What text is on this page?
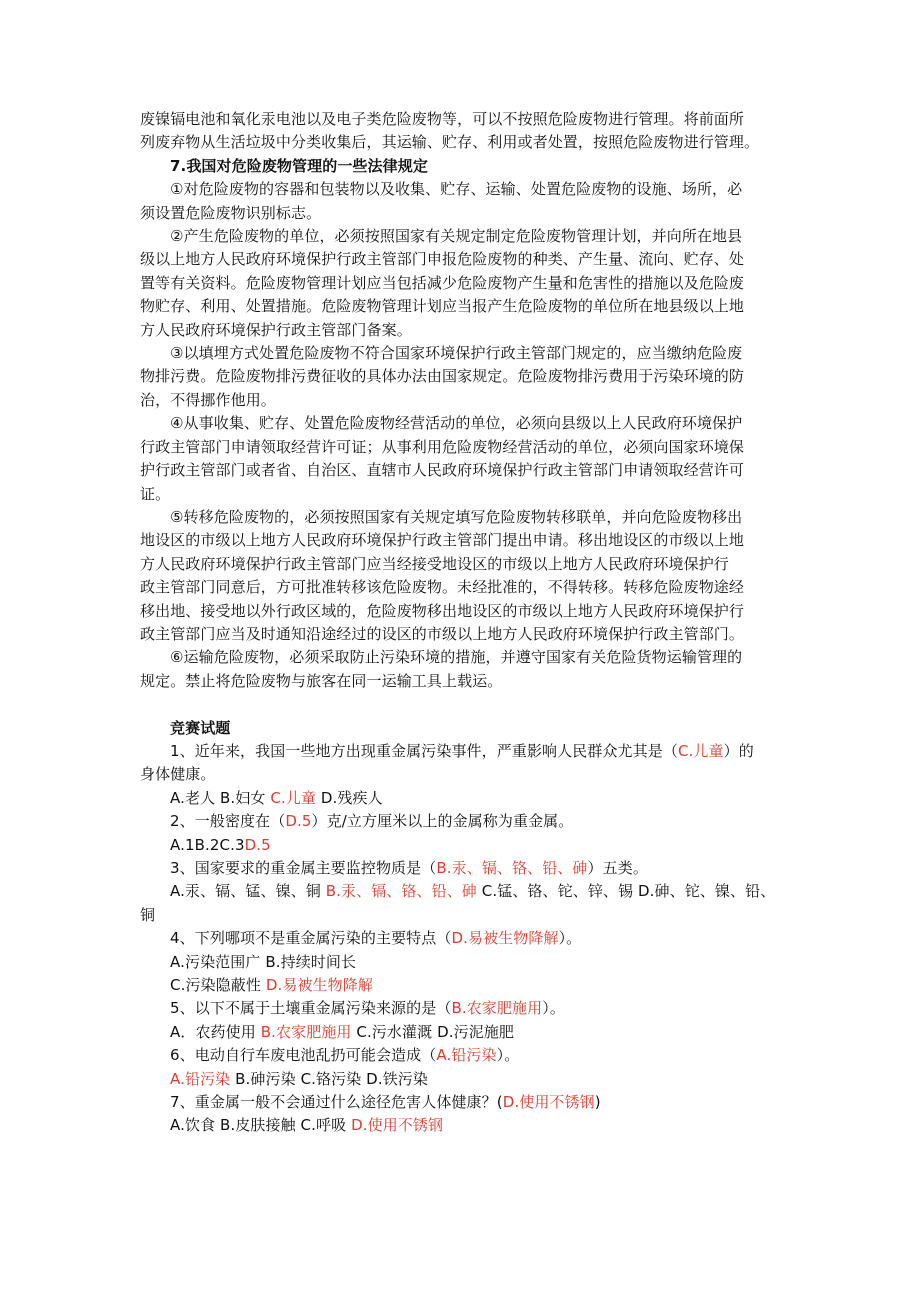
废镍镉电池和氧化汞电池以及电子类危险废物等，可以不按照危险废物进行管理。将前面所
列废弃物从生活垃圾中分类收集后，其运输、贮存、利用或者处置，按照危险废物进行管理。
7.我国对危险废物管理的一些法律规定
①对危险废物的容器和包装物以及收集、贮存、运输、处置危险废物的设施、场所，必
须设置危险废物识别标志。
②产生危险废物的单位，必须按照国家有关规定制定危险废物管理计划，并向所在地县
级以上地方人民政府环境保护行政主管部门申报危险废物的种类、产生量、流向、贮存、处
置等有关资料。危险废物管理计划应当包括减少危险废物产生量和危害性的措施以及危险废
物贮存、利用、处置措施。危险废物管理计划应当报产生危险废物的单位所在地县级以上地
方人民政府环境保护行政主管部门备案。
③以填埋方式处置危险废物不符合国家环境保护行政主管部门规定的，应当缴纳危险废
物排污费。危险废物排污费征收的具体办法由国家规定。危险废物排污费用于污染环境的防
治，不得挪作他用。
④从事收集、贮存、处置危险废物经营活动的单位，必须向县级以上人民政府环境保护
行政主管部门申请领取经营许可证；从事利用危险废物经营活动的单位，必须向国家环境保
护行政主管部门或者省、自治区、直辖市人民政府环境保护行政主管部门申请领取经营许可
证。
⑤转移危险废物的，必须按照国家有关规定填写危险废物转移联单，并向危险废物移出
地设区的市级以上地方人民政府环境保护行政主管部门提出申请。移出地设区的市级以上地
方人民政府环境保护行政主管部门应当经接受地设区的市级以上地方人民政府环境保护行
政主管部门同意后，方可批准转移该危险废物。未经批准的，不得转移。转移危险废物途经
移出地、接受地以外行政区域的，危险废物移出地设区的市级以上地方人民政府环境保护行
政主管部门应当及时通知沿途经过的设区的市级以上地方人民政府环境保护行政主管部门。
⑥运输危险废物，必须采取防止污染环境的措施，并遵守国家有关危险货物运输管理的
规定。禁止将危险废物与旅客在同一运输工具上载运。
竞赛试题
1、近年来，我国一些地方出现重金属污染事件，严重影响人民群众尤其是（C.儿童）的
身体健康。
A.老人 B.妇女 C.儿童 D.残疾人
2、一般密度在（D.5）克/立方厘米以上的金属称为重金属。
A.1B.2C.3D.5
3、国家要求的重金属主要监控物质是（B.汞、镉、铬、铅、砷）五类。
A.汞、镉、锰、镍、铜 B.汞、镉、铬、铅、砷 C.锰、铬、铊、锌、锡 D.砷、铊、镍、铅、
铜
4、下列哪项不是重金属污染的主要特点（D.易被生物降解）。
A.污染范围广 B.持续时间长
C.污染隐蔽性 D.易被生物降解
5、以下不属于土壤重金属污染来源的是（B.农家肥施用）。
A．农药使用 B.农家肥施用 C.污水灌溉 D.污泥施肥
6、电动自行车废电池乱扔可能会造成（A.铅污染）。
A.铅污染 B.砷污染 C.铬污染 D.铁污染
7、重金属一般不会通过什么途径危害人体健康？(D.使用不锈钢)
A.饮食 B.皮肤接触 C.呼吸 D.使用不锈钢
